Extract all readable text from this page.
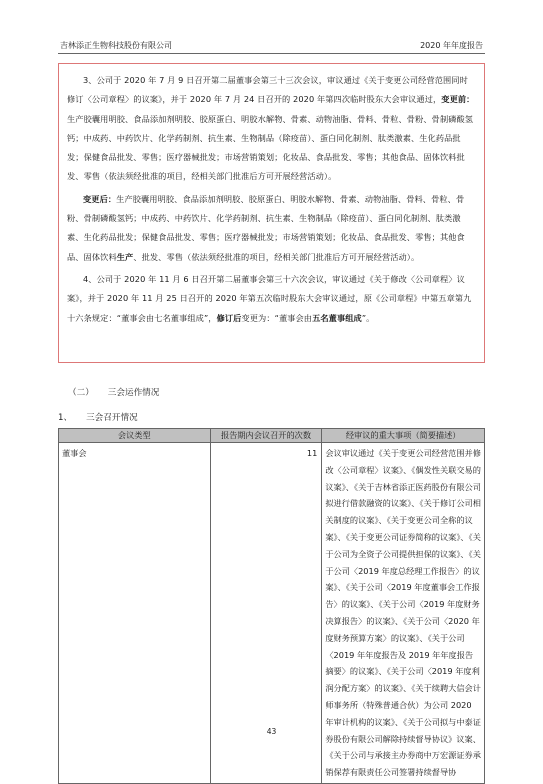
吉林添正生物科技股份有限公司	2020 年年度报告

3、公司于 2020 年 7 月 9 日召开第二届董事会第三十三次会议，审议通过《关于变更公司经营范围同时修订〈公司章程〉的议案》，并于 2020 年 7 月 24 日召开的 2020 年第四次临时股东大会审议通过，变更前：生产胶囊用明胶、食品添加剂明胶、胶原蛋白、明胶水解物、骨素、动物油脂、骨料、骨粒、骨粉、骨制磷酸氢钙；中成药、中药饮片、化学药制剂、抗生素、生物制品（除疫苗）、蛋白同化制剂、肽类激素、生化药品批发；保健食品批发、零售；医疗器械批发；市场营销策划；化妆品、食品批发、零售；其他食品、固体饮料批发、零售（依法须经批准的项目，经相关部门批准后方可开展经营活动）。

变更后：生产胶囊用明胶、食品添加剂明胶、胶原蛋白、明胶水解物、骨素、动物油脂、骨料、骨粒、骨粉、骨制磷酸氢钙；中成药、中药饮片、化学药制剂、抗生素、生物制品（除疫苗）、蛋白同化制剂、肽类激素、生化药品批发；保健食品批发、零售；医疗器械批发；市场营销策划；化妆品、食品批发、零售；其他食品、固体饮料生产、批发、零售（依法须经批准的项目，经相关部门批准后方可开展经营活动）。

4、公司于 2020 年 11 月 6 日召开第二届董事会第三十六次会议，审议通过《关于修改〈公司章程〉议案》，并于 2020 年 11 月 25 日召开的 2020 年第五次临时股东大会审议通过，原《公司章程》中第五章第九十六条规定：“董事会由七名董事组成”，修订后变更为：“董事会由五名董事组成”。

（二） 三会运作情况
1、 三会召开情况
会议类型	报告期内会议召开的次数	经审议的重大事项（简要描述）
董事会	11	会议审议通过《关于变更公司经营范围并修改〈公司章程〉议案》、《偶发性关联交易的议案》、《关于吉林省添正医药股份有限公司拟进行借款融资的议案》、《关于修订公司相关制度的议案》、《关于变更公司全称的议案》、《关于变更公司证券简称的议案》、《关于公司为全资子公司提供担保的议案》、《关于公司〈2019 年度总经理工作报告〉的议案》、《关于公司〈2019 年度董事会工作报告〉的议案》、《关于公司〈2019 年度财务决算报告〉的议案》、《关于公司〈2020 年度财务预算方案〉的议案》、《关于公司〈2019 年年度报告及 2019 年年度报告摘要〉的议案》、《关于公司〈2019 年度利润分配方案〉的议案》、《关于续聘大信会计师事务所（特殊普通合伙）为公司 2020 年审计机构的议案》、《关于公司拟与中泰证券股份有限公司解除持续督导协议》议案、《关于公司与承接主办券商中万宏源证券承销保荐有限责任公司签署持续督导协
43
